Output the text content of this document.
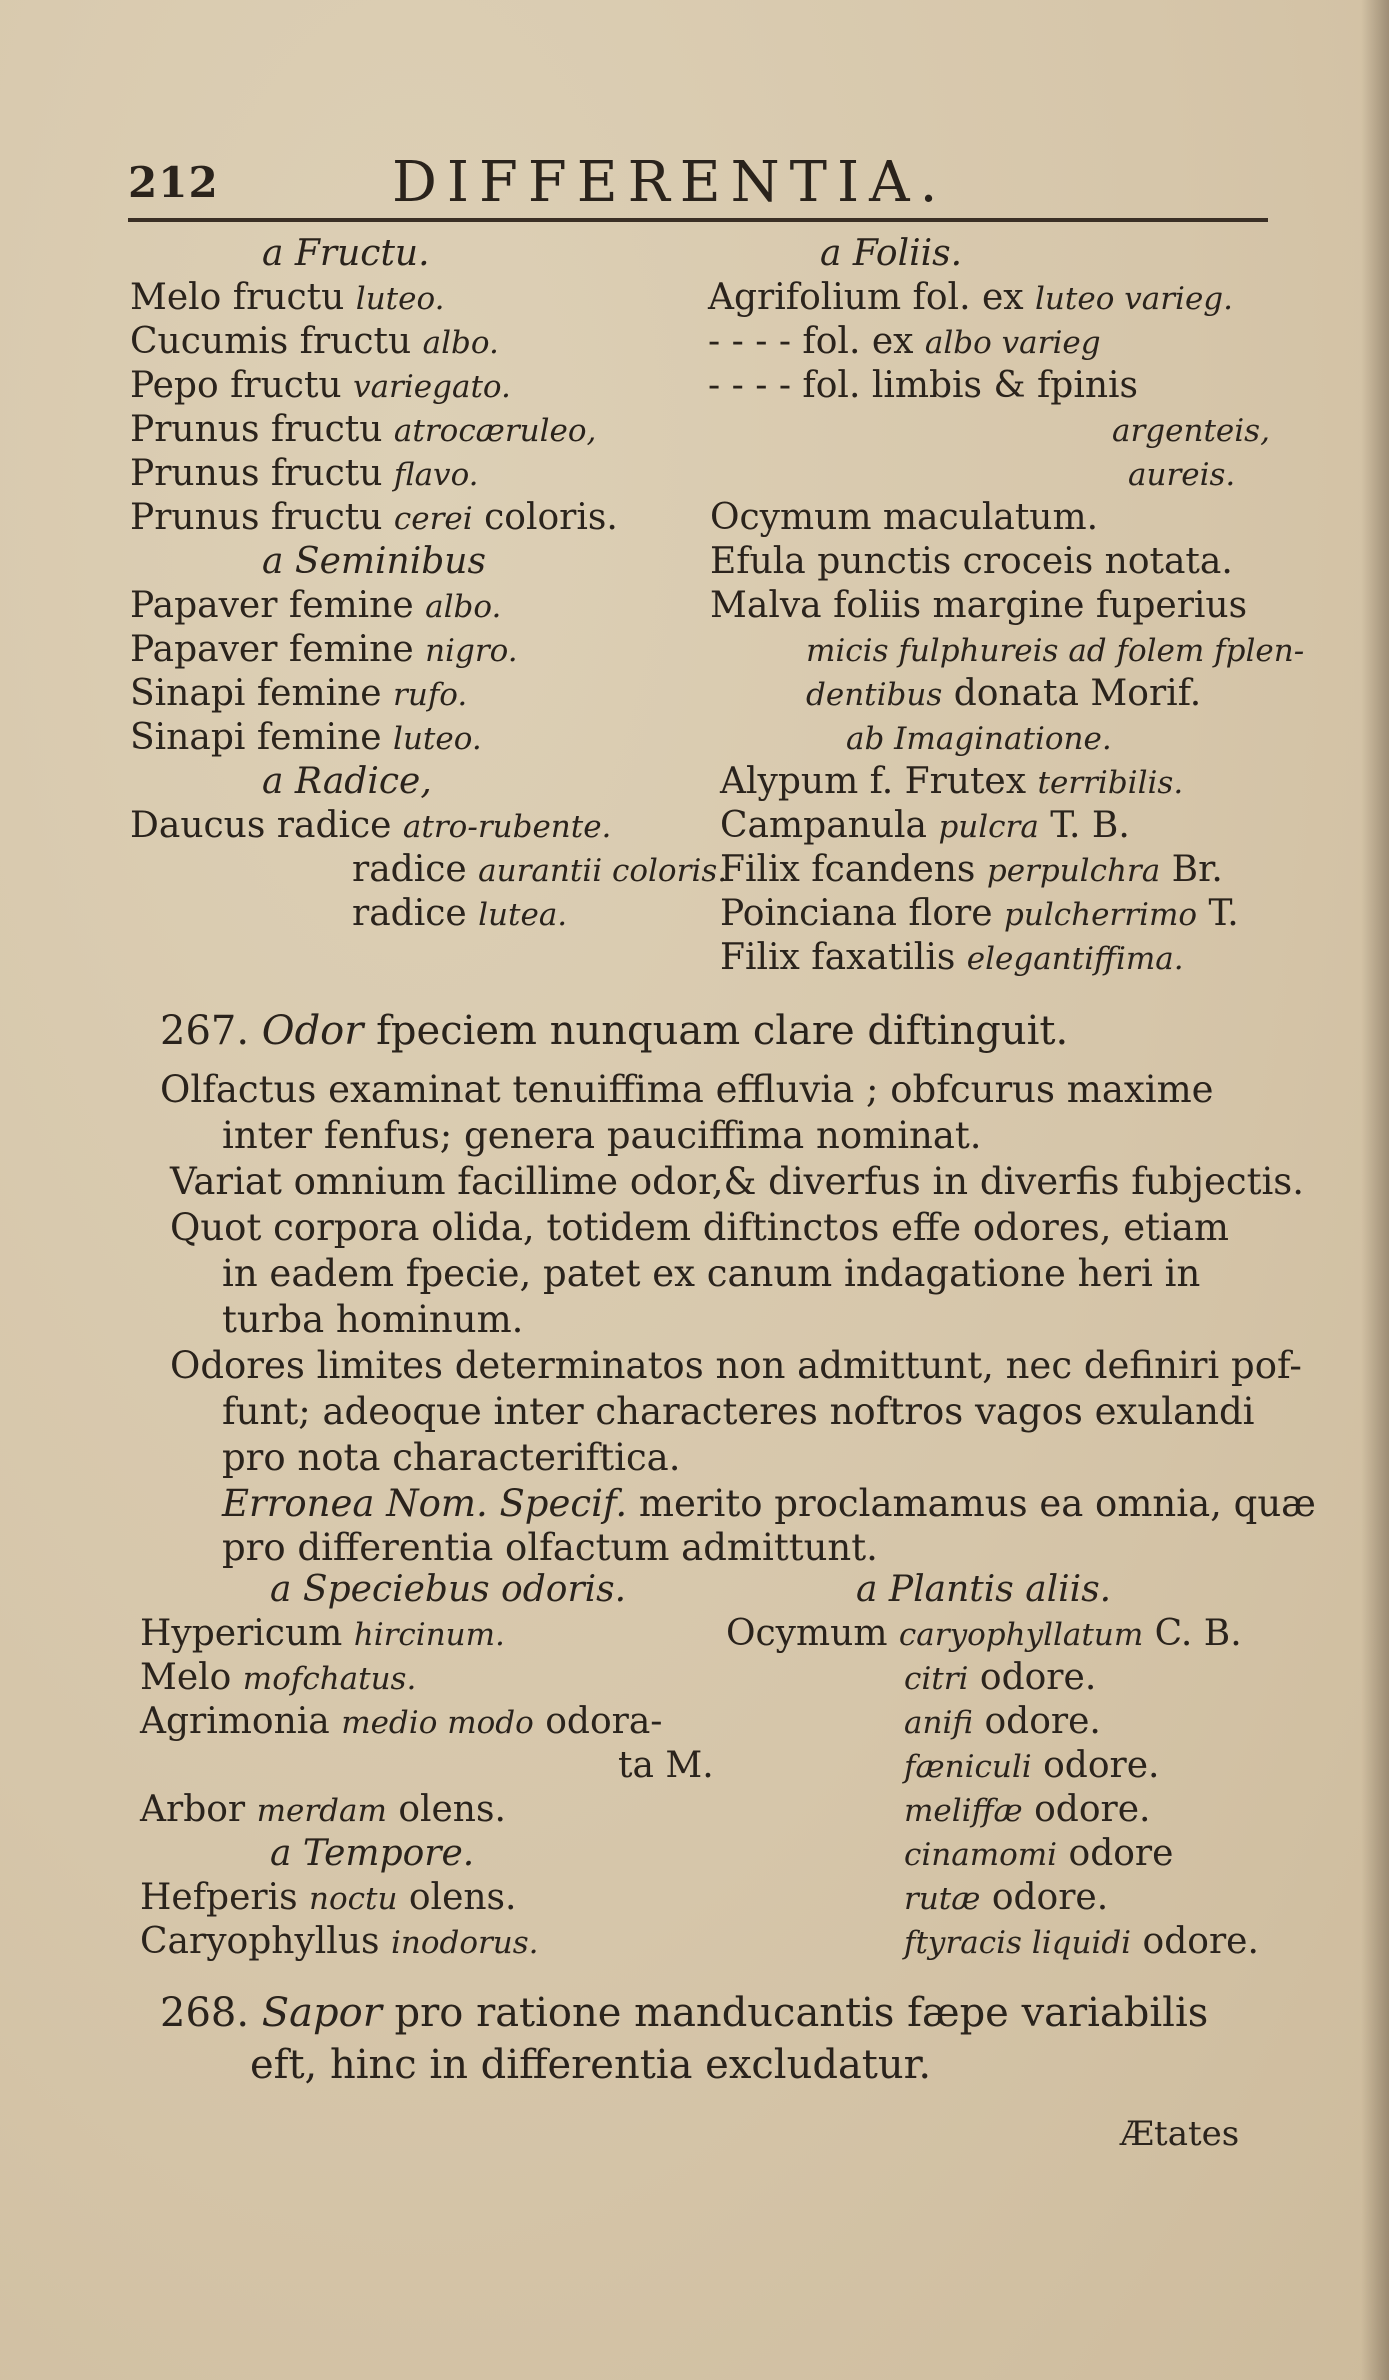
212	DIFFERENTIA.
a Fructu.
Melo fructu luteo.
Cucumis fructu albo.
Pepo fructu variegato.
Prunus fructu atrocæruleo,
Prunus fructu flavo.
Prunus fructu cerei coloris.
a Seminibus
Papaver femine albo.
Papaver femine nigro.
Sinapi femine rufo.
Sinapi femine luteo.
a Radice,
Daucus radice atro-rubente.
radice aurantii coloris.
radice lutea.
a Foliis.
Agrifolium fol. ex luteo varieg.
- - - - fol. ex albo varieg
- - - - fol. limbis & fpinis
argenteis,
aureis.
Ocymum maculatum.
Efula punctis croceis notata.
Malva foliis margine fuperius
micis fulphureis ad folem fplen-
dentibus donata Morif.
ab Imaginatione.
Alypum f. Frutex terribilis.
Campanula pulcra T. B.
Filix fcandens perpulchra Br.
Poinciana flore pulcherrimo T.
Filix faxatilis elegantiffima.
267. Odor fpeciem nunquam clare diftinguit.
Olfactus examinat tenuiffima effluvia ; obfcurus maxime
inter fenfus; genera pauciffima nominat.
Variat omnium facillime odor,& diverfus in diverfis fubjectis.
Quot corpora olida, totidem diftinctos effe odores, etiam
in eadem fpecie, patet ex canum indagatione heri in
turba hominum.
Odores limites determinatos non admittunt, nec definiri pof-
funt; adeoque inter characteres noftros vagos exulandi
pro nota characteriftica.
Erronea Nom. Specif. merito proclamamus ea omnia, quæ
pro differentia olfactum admittunt.
a Speciebus odoris.
Hypericum hircinum.
Melo mofchatus.
Agrimonia medio modo odora-
ta M.
Arbor merdam olens.
a Tempore.
Hefperis noctu olens.
Caryophyllus inodorus.
a Plantis aliis.
Ocymum caryophyllatum C. B.
citri odore.
anifi odore.
fæniculi odore.
meliffæ odore.
cinamomi odore
rutæ odore.
ftyracis liquidi odore.
268. Sapor pro ratione manducantis fæpe variabilis
eft, hinc in differentia excludatur.
Ætates
